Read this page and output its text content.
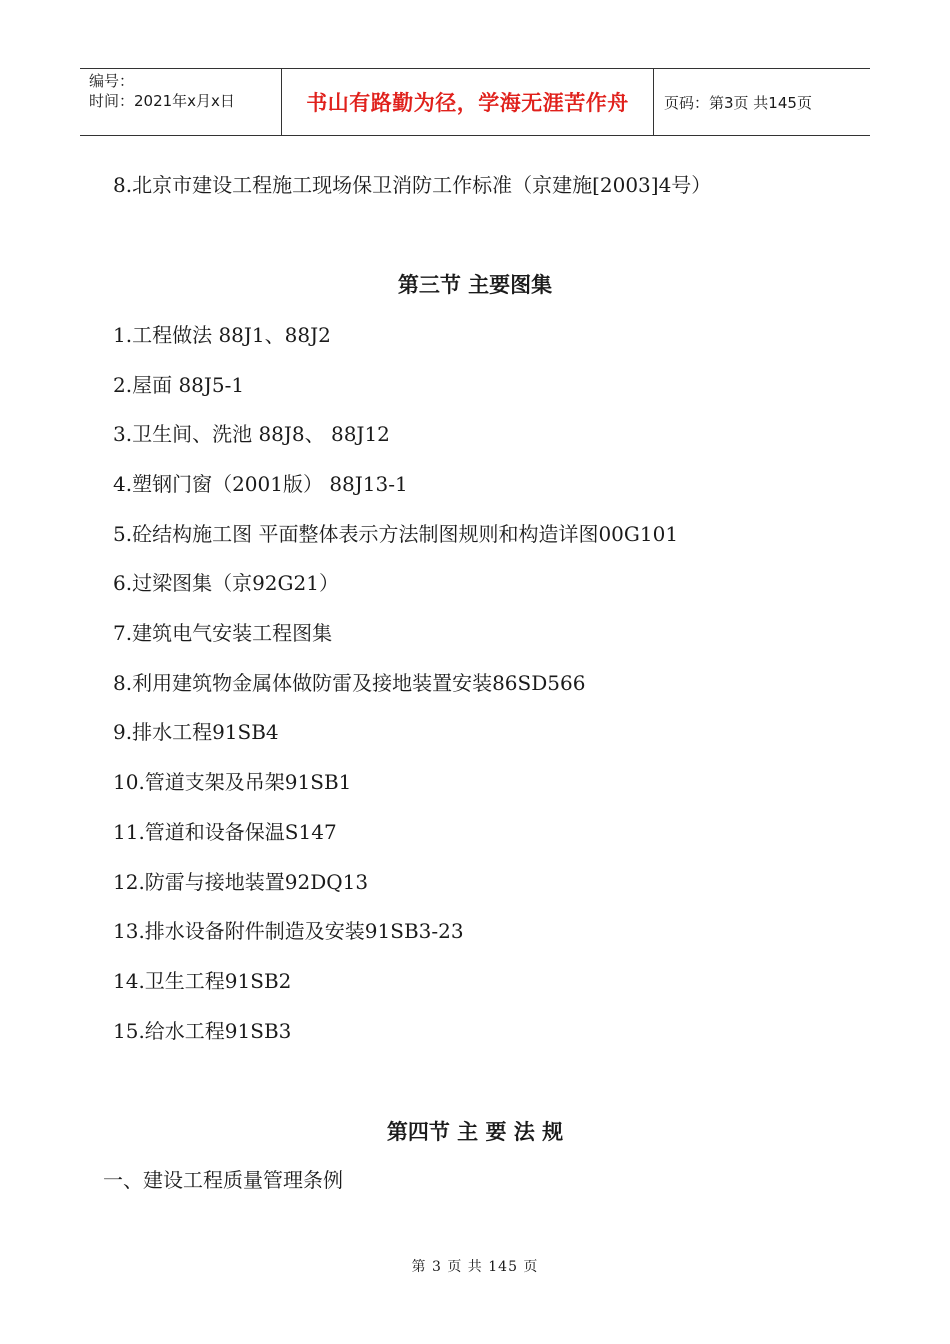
编号：
时间：2021年x月x日	书山有路勤为径，学海无涯苦作舟	页码：第3页 共145页
8.北京市建设工程施工现场保卫消防工作标准（京建施[2003]4号）
第三节 主要图集
1.工程做法 88J1、88J2
2.屋面 88J5-1
3.卫生间、洗池 88J8、 88J12
4.塑钢门窗（2001版） 88J13-1
5.砼结构施工图 平面整体表示方法制图规则和构造详图00G101
6.过梁图集（京92G21）
7.建筑电气安装工程图集
8.利用建筑物金属体做防雷及接地装置安装86SD566
9.排水工程91SB4
10.管道支架及吊架91SB1
11.管道和设备保温S147
12.防雷与接地装置92DQ13
13.排水设备附件制造及安装91SB3-23
14.卫生工程91SB2
15.给水工程91SB3
第四节 主 要 法 规
一、建设工程质量管理条例
第 3 页 共 145 页
